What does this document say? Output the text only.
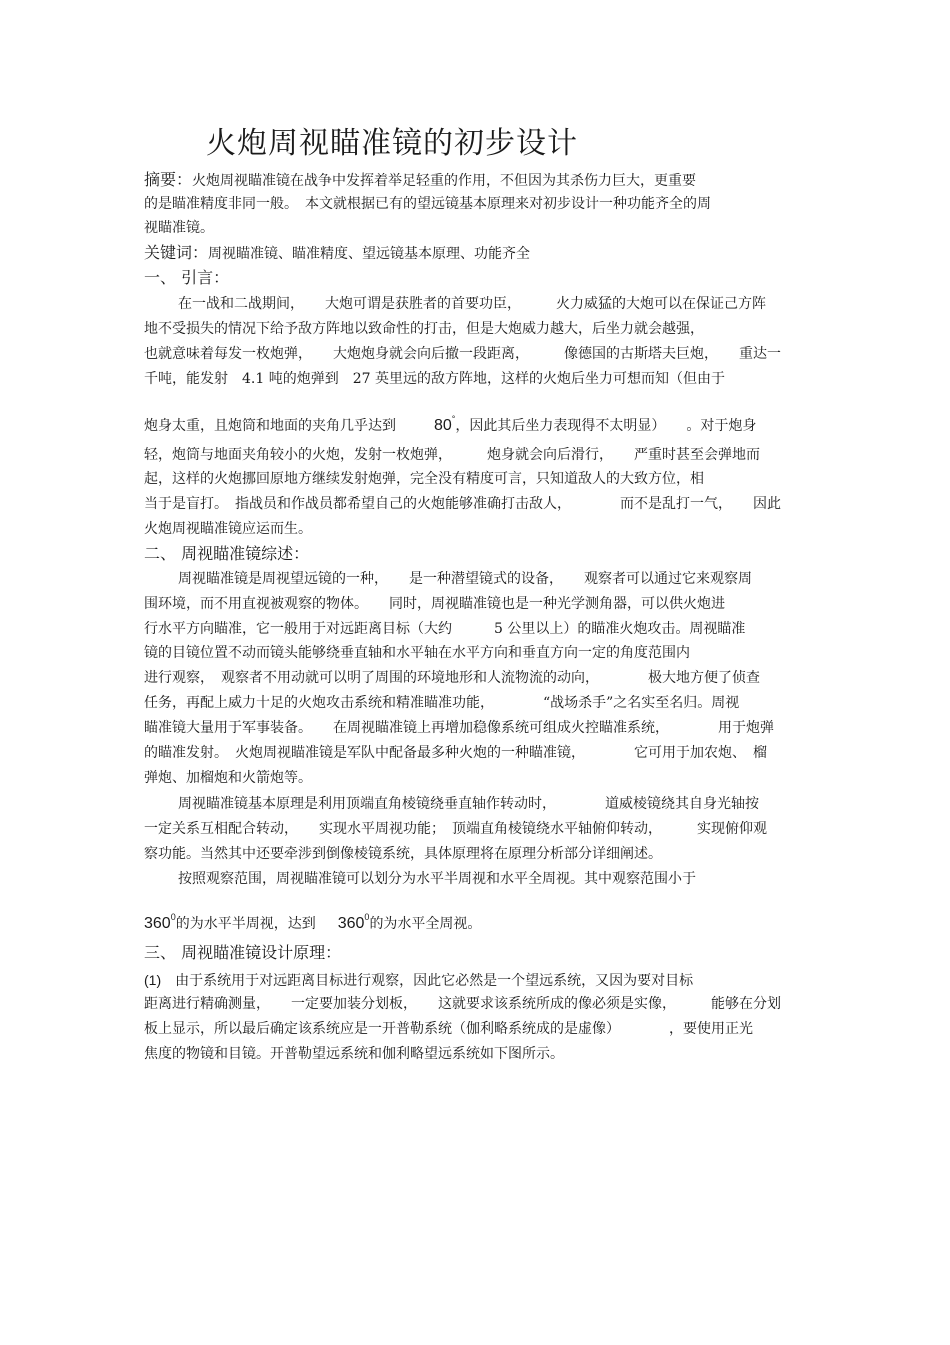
火炮周视瞄准镜的初步设计
摘要：火炮周视瞄准镜在战争中发挥着举足轻重的作用，不但因为其杀伤力巨大，更重要
的是瞄准精度非同一般。　本文就根据已有的望远镜基本原理来对初步设计一种功能齐全的周
视瞄准镜。
关键词：周视瞄准镜、瞄准精度、望远镜基本原理、功能齐全
一、 引言：
在一战和二战期间，　　大炮可谓是获胜者的首要功臣，　　　火力威猛的大炮可以在保证己方阵
地不受损失的情况下给予敌方阵地以致命性的打击，但是大炮威力越大，后坐力就会越强，
也就意味着每发一枚炮弹，　　大炮炮身就会向后撤一段距离，　　　像德国的古斯塔夫巨炮，　　重达一
千吨，能发射　4.1 吨的炮弹到　27 英里远的敌方阵地，这样的火炮后坐力可想而知（但由于
炮身太重，且炮筒和地面的夹角几乎达到 80°，因此其后坐力表现得不太明显）　　。对于炮身
轻，炮筒与地面夹角较小的火炮，发射一枚炮弹，　　　炮身就会向后滑行，　　严重时甚至会弹地而
起，这样的火炮挪回原地方继续发射炮弹，完全没有精度可言，只知道敌人的大致方位，相
当于是盲打。　指战员和作战员都希望自己的火炮能够准确打击敌人，　　　　而不是乱打一气，　　因此
火炮周视瞄准镜应运而生。
二、 周视瞄准镜综述：
周视瞄准镜是周视望远镜的一种，　　是一种潜望镜式的设备，　　观察者可以通过它来观察周
围环境，而不用直视被观察的物体。　　同时，周视瞄准镜也是一种光学测角器，可以供火炮进
行水平方向瞄准，它一般用于对远距离目标（大约　　　5 公里以上）的瞄准火炮攻击。周视瞄准
镜的目镜位置不动而镜头能够绕垂直轴和水平轴在水平方向和垂直方向一定的角度范围内
进行观察，　观察者不用动就可以明了周围的环境地形和人流物流的动向，　　　　极大地方便了侦查
任务，再配上威力十足的火炮攻击系统和精准瞄准功能，　　　　“战场杀手”之名实至名归。周视
瞄准镜大量用于军事装备。　　在周视瞄准镜上再增加稳像系统可组成火控瞄准系统，　　　　用于炮弹
的瞄准发射。　火炮周视瞄准镜是军队中配备最多种火炮的一种瞄准镜，　　　　它可用于加农炮、　榴
弹炮、加榴炮和火箭炮等。
周视瞄准镜基本原理是利用顶端直角棱镜绕垂直轴作转动时，　　　　道威棱镜绕其自身光轴按
一定关系互相配合转动，　　实现水平周视功能；　顶端直角棱镜绕水平轴俯仰转动，　　　实现俯仰观
察功能。当然其中还要牵涉到倒像棱镜系统，具体原理将在原理分析部分详细阐述。
按照观察范围，周视瞄准镜可以划分为水平半周视和水平全周视。其中观察范围小于
$360^0$的为水平半周视，达到 $360^0$的为水平全周视。
三、 周视瞄准镜设计原理：
(1) 由于系统用于对远距离目标进行观察，因此它必然是一个望远系统，又因为要对目标
距离进行精确测量，　　一定要加装分划板，　　这就要求该系统所成的像必须是实像，　　　能够在分划
板上显示，所以最后确定该系统应是一开普勒系统（伽利略系统成的是虚像）　　　　，要使用正光
焦度的物镜和目镜。开普勒望远系统和伽利略望远系统如下图所示。
